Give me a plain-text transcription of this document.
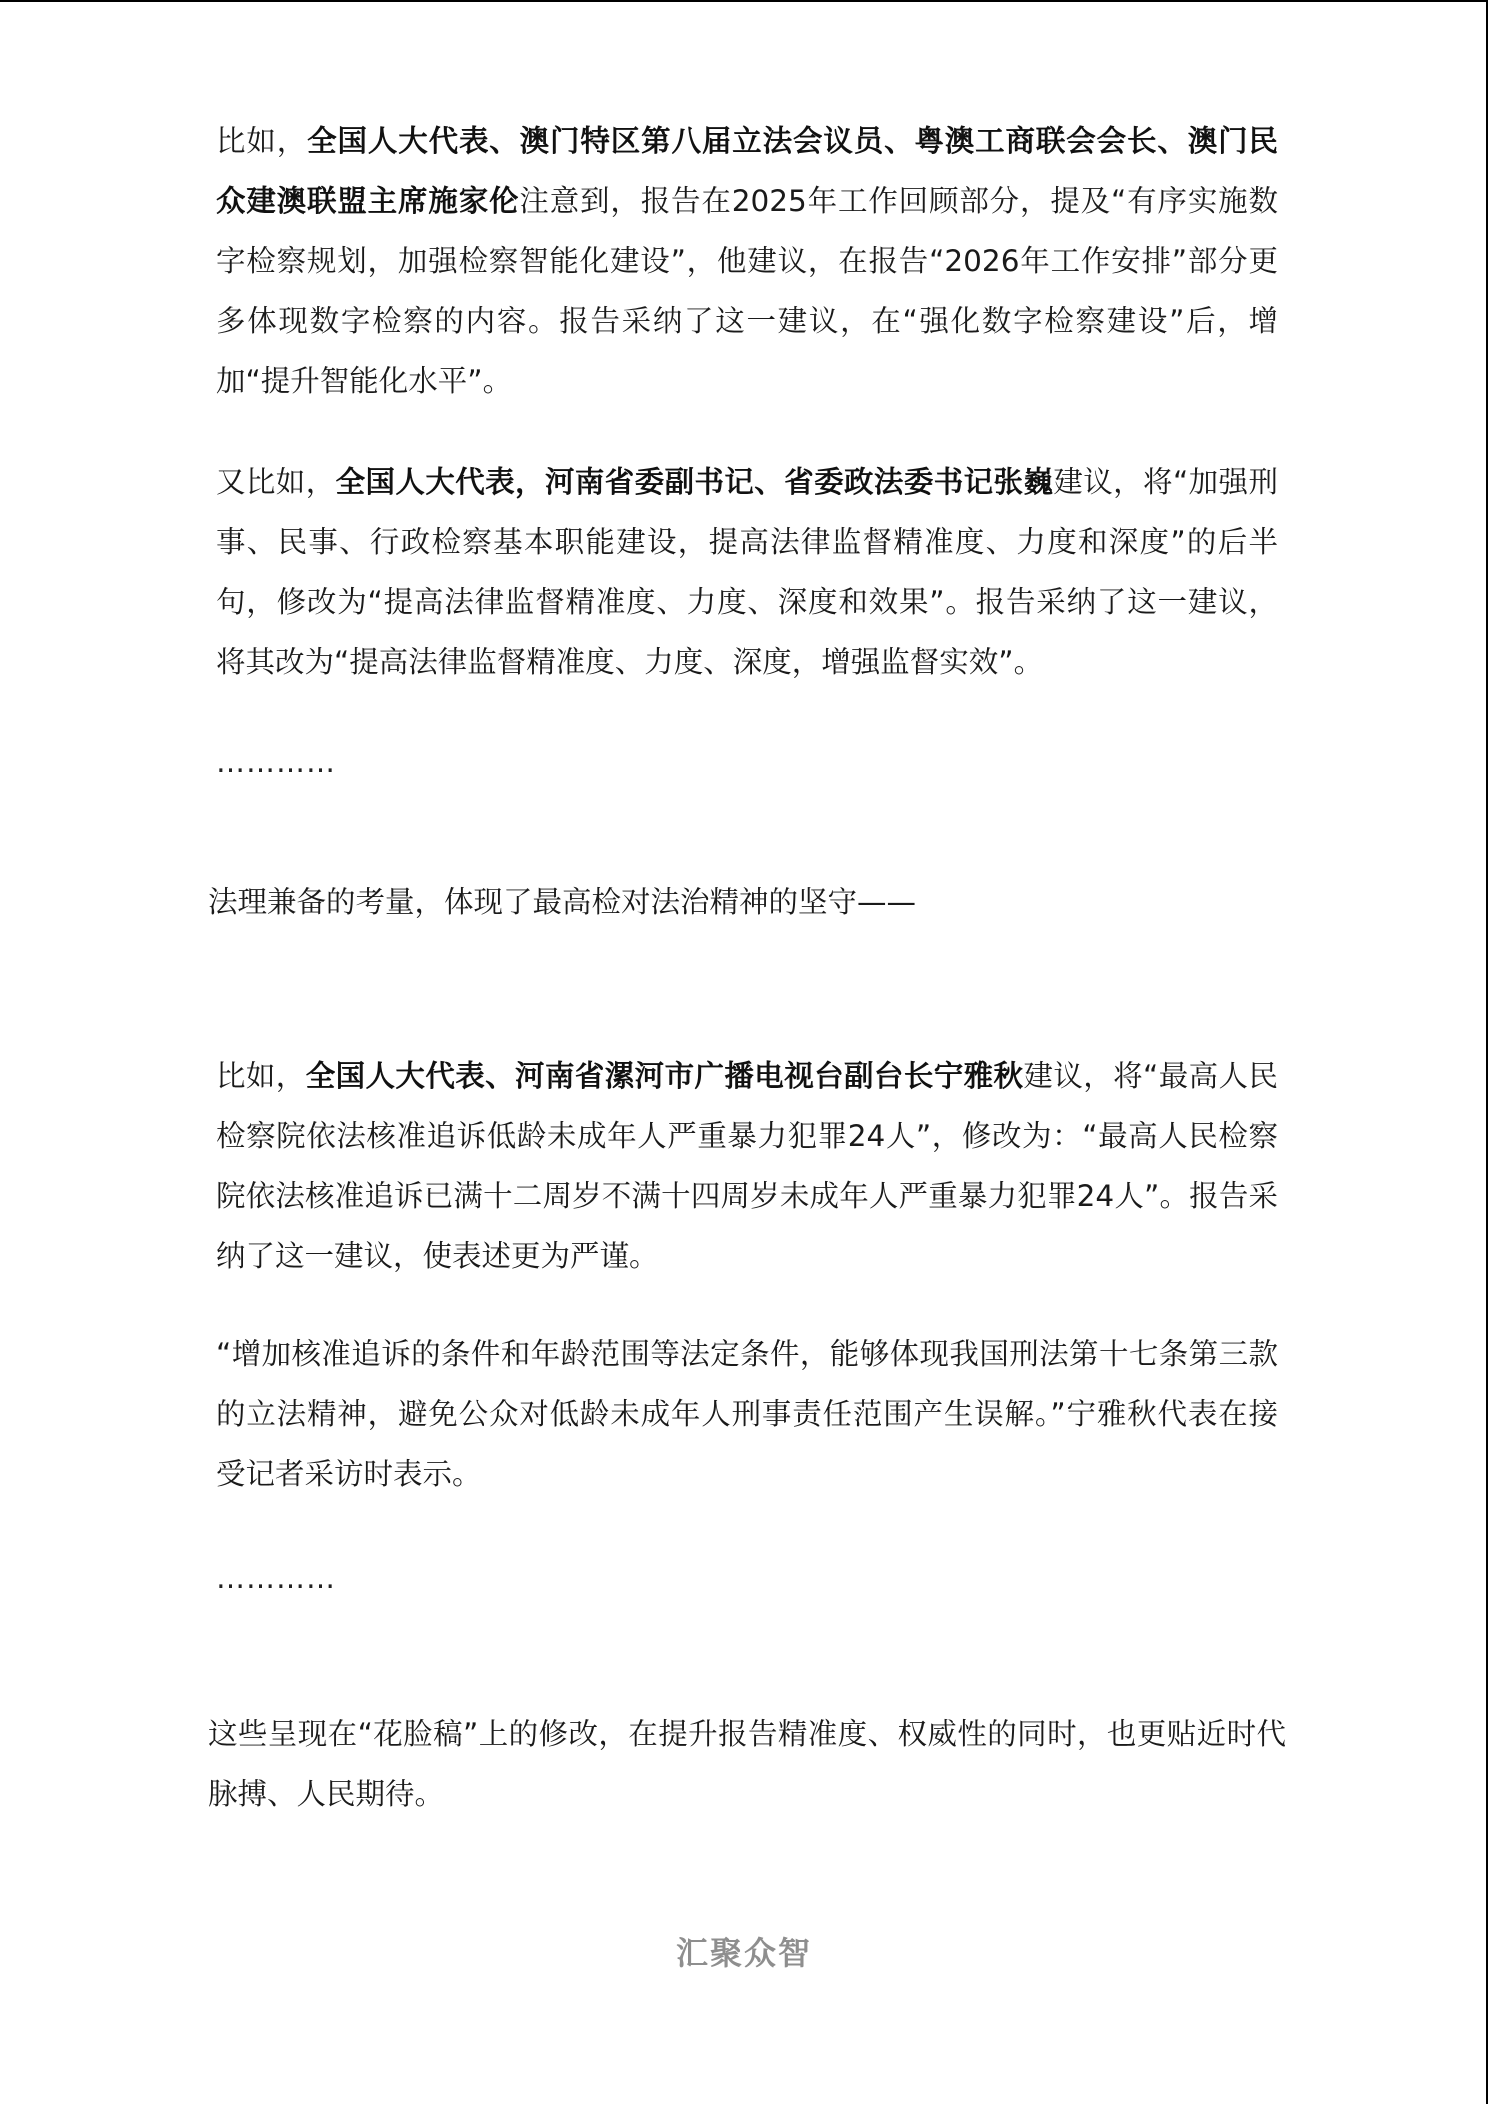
比如，全国人大代表、澳门特区第八届立法会议员、粤澳工商联会会长、澳门民众建澳联盟主席施家伦注意到，报告在2025年工作回顾部分，提及“有序实施数字检察规划，加强检察智能化建设”，他建议，在报告“2026年工作安排”部分更多体现数字检察的内容。报告采纳了这一建议，在“强化数字检察建设”后，增加“提升智能化水平”。

又比如，全国人大代表，河南省委副书记、省委政法委书记张巍建议，将“加强刑事、民事、行政检察基本职能建设，提高法律监督精准度、力度和深度”的后半句，修改为“提高法律监督精准度、力度、深度和效果”。报告采纳了这一建议，将其改为“提高法律监督精准度、力度、深度，增强监督实效”。

…………
法理兼备的考量，体现了最高检对法治精神的坚守——

比如，全国人大代表、河南省漯河市广播电视台副台长宁雅秋建议，将“最高人民检察院依法核准追诉低龄未成年人严重暴力犯罪24人”，修改为：“最高人民检察院依法核准追诉已满十二周岁不满十四周岁未成年人严重暴力犯罪24人”。报告采纳了这一建议，使表述更为严谨。

“增加核准追诉的条件和年龄范围等法定条件，能够体现我国刑法第十七条第三款的立法精神，避免公众对低龄未成年人刑事责任范围产生误解。”宁雅秋代表在接受记者采访时表示。

…………

这些呈现在“花脸稿”上的修改，在提升报告精准度、权威性的同时，也更贴近时代脉搏、人民期待。

汇聚众智
